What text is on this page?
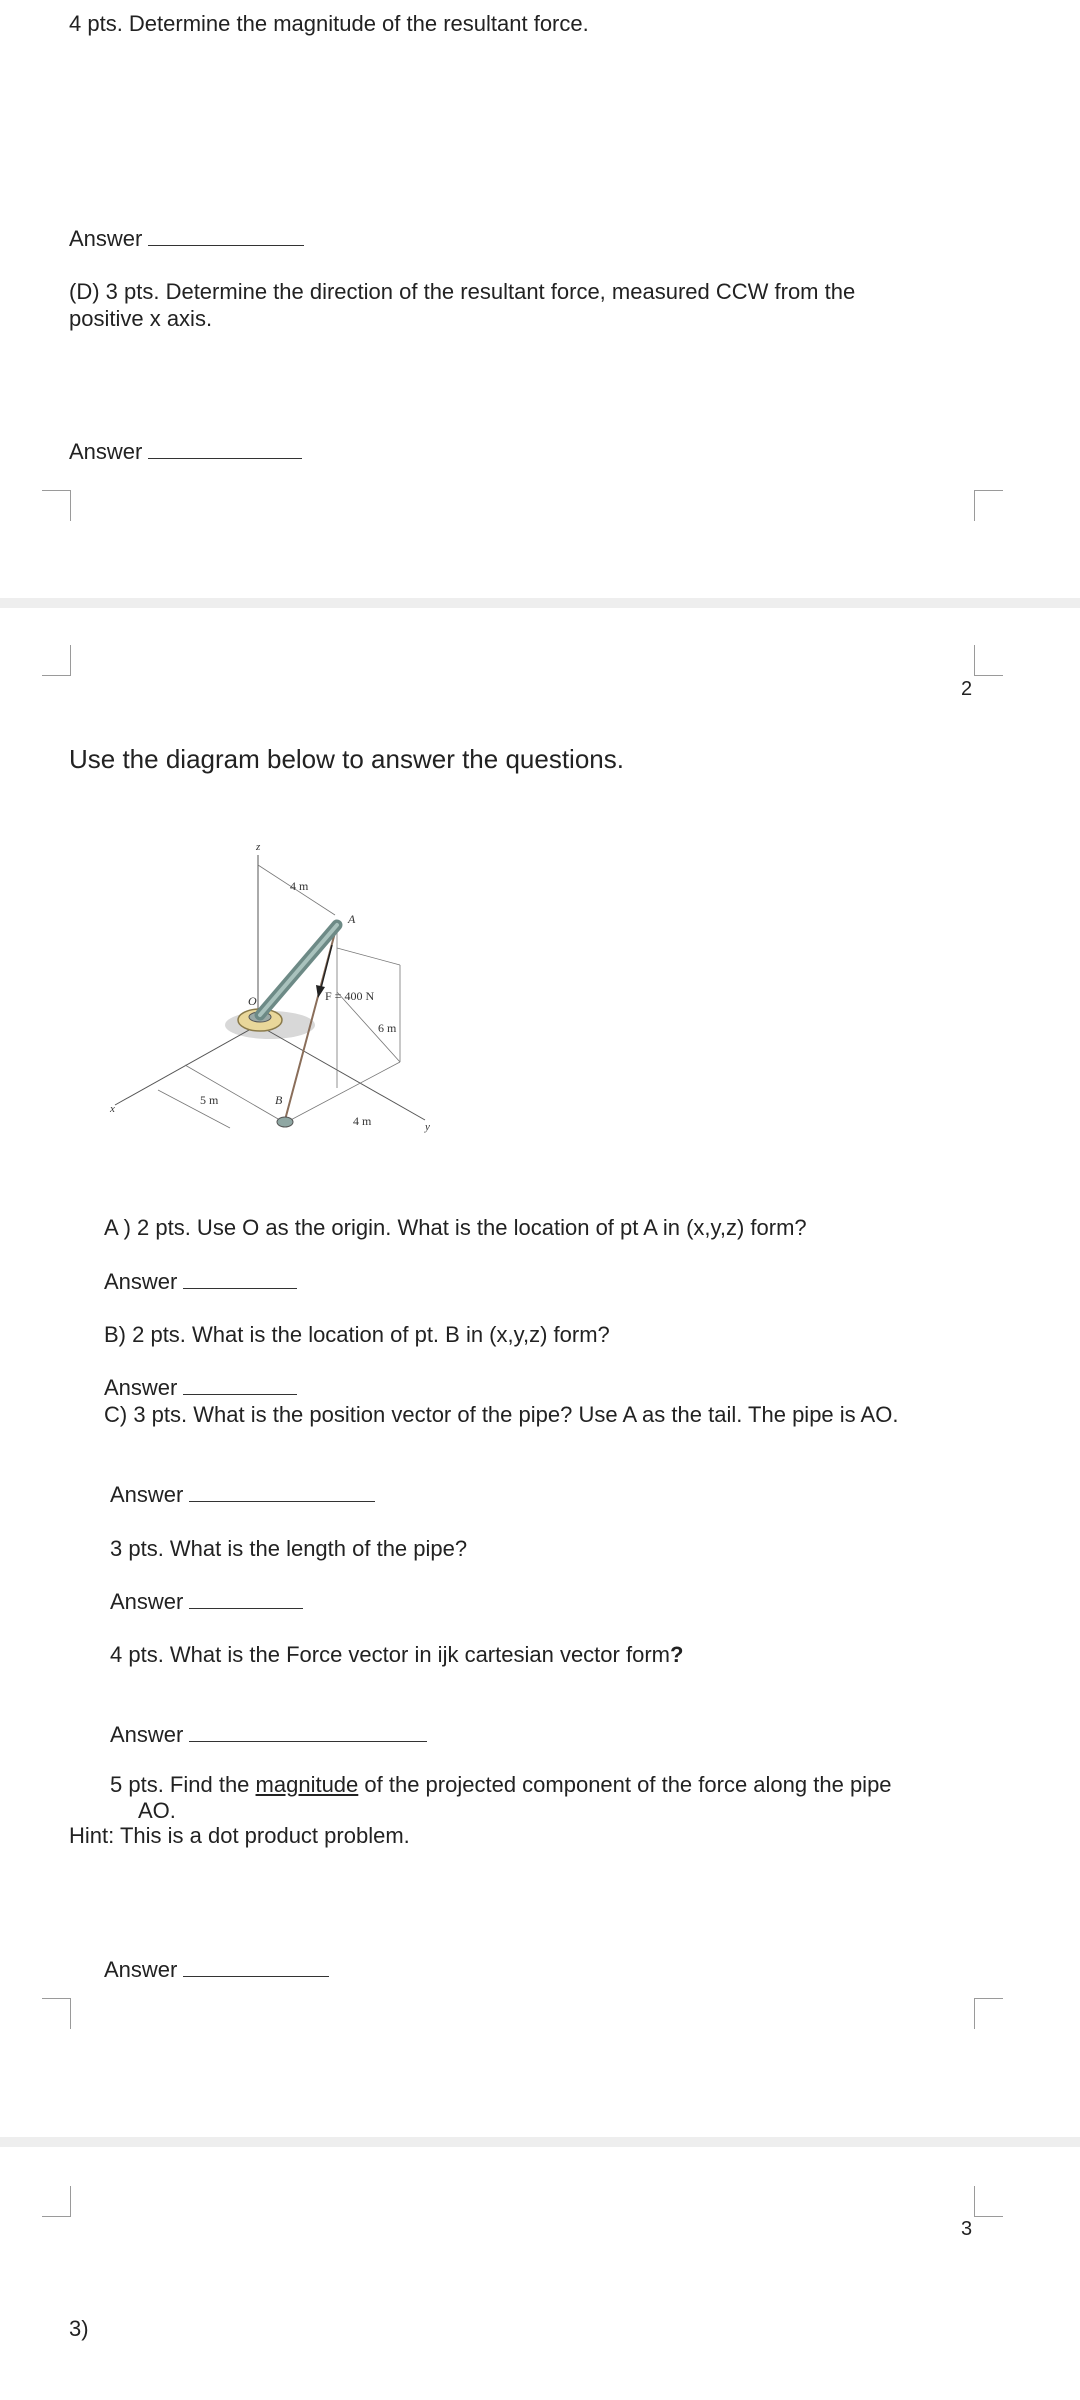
4 pts. Determine the magnitude of the resultant force.
Answer
(D) 3 pts. Determine the direction of the resultant force, measured CCW from the
positive x axis.
Answer
2
Use the diagram below to answer the questions.
z
4 m
A
O	F = 400 N
6 m
x
5 m	B
4 m	y
A ) 2 pts. Use O as the origin. What is the location of pt A in (x,y,z) form?
Answer
B) 2 pts. What is the location of pt. B in (x,y,z) form?
Answer
C) 3 pts. What is the position vector of the pipe? Use A as the tail. The pipe is AO.
Answer
3 pts. What is the length of the pipe?
Answer
4 pts. What is the Force vector in ijk cartesian vector form?
Answer
5 pts. Find the magnitude of the projected component of the force along the pipe
AO.
Hint: This is a dot product problem.
Answer
3
3)
